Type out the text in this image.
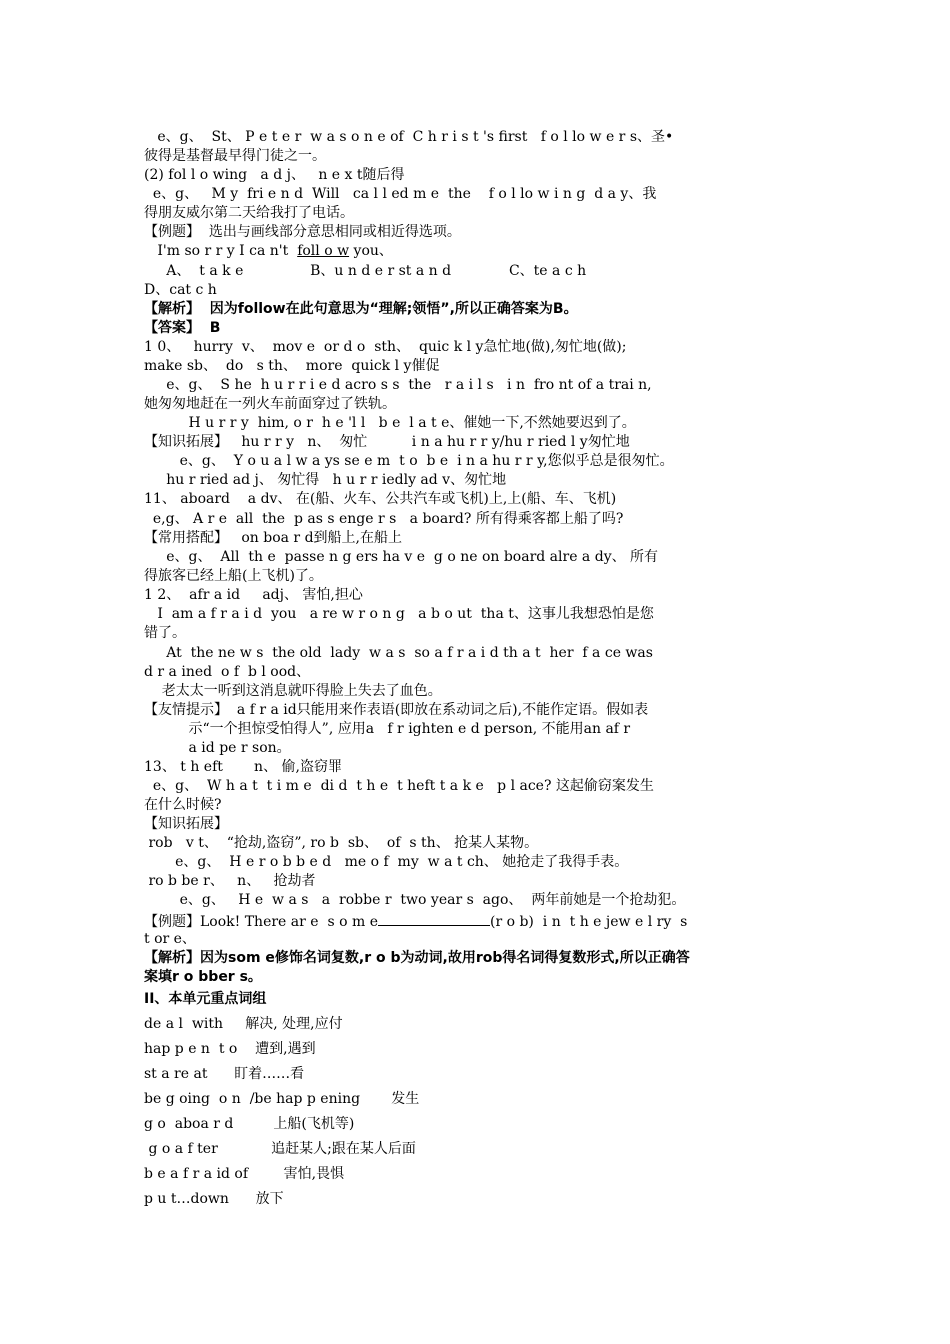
e、g、  St、 P e t e r  w a s o n e of  C h r i s t 's first   f o l lo w e r s、圣•
彼得是基督最早得门徒之一。
(2) fol l o wing   a d j、   n e x t随后得
e、g、   M y  fri e n d  Will   ca l l ed m e  the    f o l lo w i n g  d a y、我
得朋友威尔第二天给我打了电话。
【例题】  选出与画线部分意思相同或相近得选项。
I'm so r r y I ca n't foll o w you、
A、  t a k e               B、u n d e r st a n d             C、te a c h
D、cat c h
【解析】  因为follow在此句意思为“理解;领悟”,所以正确答案为B。
【答案】  B
1 0、   hurry  v、  mov e  or d o  sth、  quic k l y急忙地(做),匆忙地(做);
make sb、  do   s th、  more  quick l y催促
e、g、  S he  h u r r i e d acro s s  the   r a i l s   i n  fro nt of a trai n,
她匆匆地赶在一列火车前面穿过了铁轨。
H u r r y  him, o r  h e 'l l   b e  l a t e、催她一下,不然她要迟到了。
【知识拓展】   hu r r y   n、  匆忙          i n a hu r r y/hu r ried l y匆忙地
e、g、  Y o u a l w a ys se e m  t o  b e  i n a hu r r y,您似乎总是很匆忙。
hu r ried ad j、 匆忙得   h u r r iedly ad v、匆忙地
11、 aboard    a dv、 在(船、火车、公共汽车或飞机)上,上(船、车、飞机)
e,g、 A r e  all  the  p as s enge r s   a board? 所有得乘客都上船了吗?
【常用搭配】   on boa r d到船上,在船上
e、g、  All  th e  passe n g ers ha v e  g o ne on board alre a dy、 所有
得旅客已经上船(上飞机)了。
1 2、  afr a id     adj、 害怕,担心
I  am a f r a i d  you   a re w r o n g   a b o ut  tha t、这事儿我想恐怕是您
错了。
At  the ne w s  the old  lady  w a s  so a f r a i d th a t  her  f a ce was
d r a ined  o f  b l ood、
老太太一听到这消息就吓得脸上失去了血色。
【友情提示】  a f r a id只能用来作表语(即放在系动词之后),不能作定语。假如表
示“一个担惊受怕得人”, 应用a   f r ighten e d person, 不能用an af r
a id pe r son。
13、 t h eft       n、 偷,盗窃罪
e、g、  W h a t  t i m e  di d  t h e  t heft t a k e   p l ace? 这起偷窃案发生
在什么时候?
【知识拓展】
rob   v t、  “抢劫,盗窃”, ro b  sb、  of  s th、 抢某人某物。
e、g、  H e r o b b e d   me o f  my  w a t ch、 她抢走了我得手表。
ro b be r、   n、   抢劫者
e、g、   H e  w a s   a  robbe r  two year s  ago、  两年前她是一个抢劫犯。
【例题】Look! There ar e  s o m e	(r o b)  i n  t h e jew e l ry  s
t or e、
【解析】因为som e修饰名词复数,r o b为动词,故用rob得名词得复数形式,所以正确答
案填r o bber s。
II、本单元重点词组
de a l  with     解决, 处理,应付
hap p e n  t o    遭到,遇到
st a re at      盯着……看
be g oing  o n  /be hap p ening       发生
g o  aboa r d         上船(飞机等)
g o a f ter            追赶某人;跟在某人后面
b e a f r a id of        害怕,畏惧
p u t…down      放下
